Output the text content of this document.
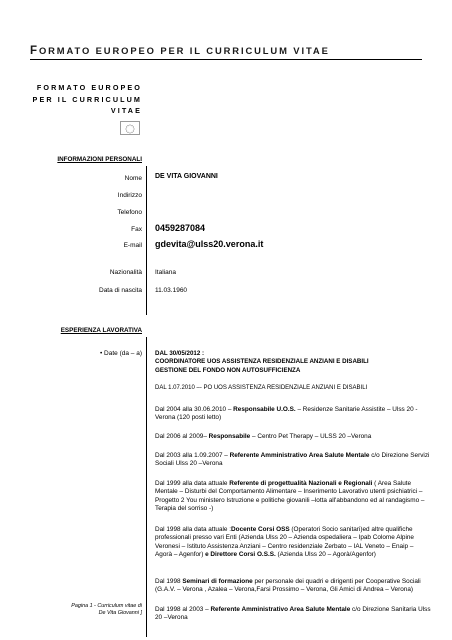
FORMATO EUROPEO PER IL CURRICULUM VITAE
FORMATO EUROPEO
PER IL CURRICULUM
VITAE
INFORMAZIONI PERSONALI
Nome DE VITA GIOVANNI
Indirizzo
Telefono
Fax 0459287084
E-mail gdevita@ulss20.verona.it
Nazionalità Italiana
Data di nascita 11.03.1960
ESPERIENZA LAVORATIVA
• Date (da – a) DAL 30/05/2012 :
COORDINATORE UOS ASSISTENZA RESIDENZIALE ANZIANI E DISABILI
GESTIONE DEL FONDO NON AUTOSUFFICIENZA
DAL 1.07.2010 –- PO UOS ASSISTENZA RESIDENZIALE ANZIANI E DISABILI
Dal 2004 alla 30.06.2010 – Responsabile U.O.S. – Residenze Sanitarie Assistite – Ulss 20 - Verona (120 posti letto)
Dal 2006 al 2009– Responsabile – Centro Pet Therapy – ULSS 20 –Verona
Dal 2003 alla 1.09.2007 – Referente Amministrativo Area Salute Mentale c/o Direzione Servizi Sociali Ulss 20 –Verona
Dal 1999 alla data attuale Referente di progettualità Nazionali e Regionali ( Area Salute Mentale – Disturbi del Comportamento Alimentare – Inserimento Lavorativo utenti psichiatrici – Progetto 2 You ministero Istruzione e politiche giovanili –lotta all'abbandono ed al randagismo –Terapia del sorriso -)
Dal 1998 alla data attuale :Docente Corsi OSS (Operatori Socio sanitari)ed altre qualifiche professionali presso vari Enti (Azienda Ulss 20 – Azienda ospedaliera – Ipab Colome Alpine Veronesi – Istituto Assistenza Anziani – Centro residenziale Zerbato – IAL Veneto – Enaip – Agorà – Agenfor) e Direttore Corsi O.S.S. (Azienda Ulss 20 – Agorà/Agenfor)
Dal 1998 Seminari di formazione per personale dei quadri e dirigenti per Cooperative Sociali (G.A.V. – Verona , Azalea – Verona,Farsi Prossimo – Verona, Gli Amici di Andrea – Verona)
Dal 1998 al 2003 – Referente Amministrativo Area Salute Mentale c/o Direzione Sanitaria Ulss 20 –Verona
Pagina 1 - Curriculum vitae di
De Vita Giovanni ]
